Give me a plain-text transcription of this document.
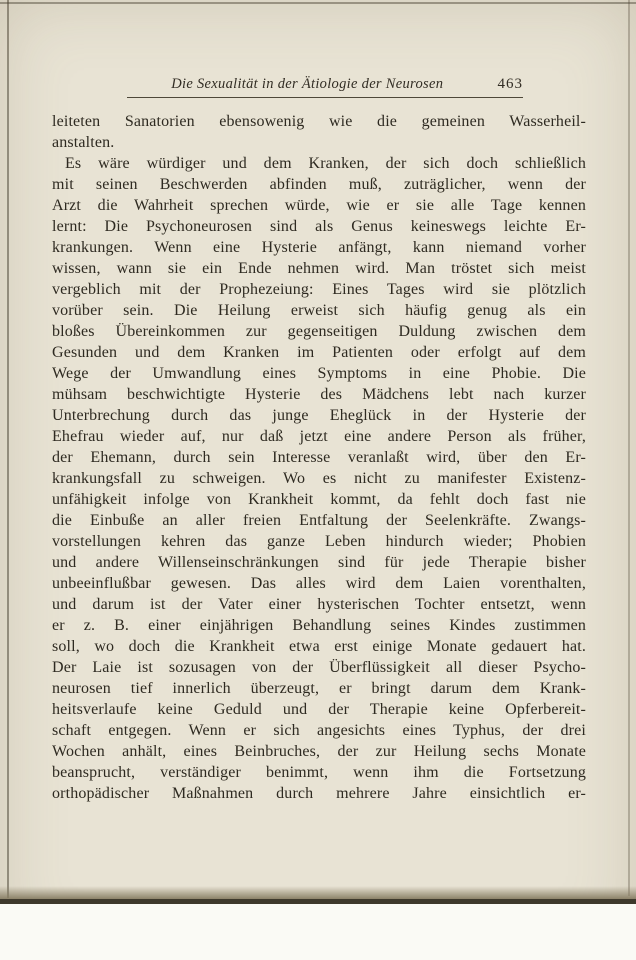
Die Sexualität in der Ätiologie der Neurosen	463
leiteten Sanatorien ebensowenig wie die gemeinen Wasserheil-
anstalten.
Es wäre würdiger und dem Kranken, der sich doch schließlich
mit seinen Beschwerden abfinden muß, zuträglicher, wenn der
Arzt die Wahrheit sprechen würde, wie er sie alle Tage kennen
lernt: Die Psychoneurosen sind als Genus keineswegs leichte Er-
krankungen. Wenn eine Hysterie anfängt, kann niemand vorher
wissen, wann sie ein Ende nehmen wird. Man tröstet sich meist
vergeblich mit der Prophezeiung: Eines Tages wird sie plötzlich
vorüber sein. Die Heilung erweist sich häufig genug als ein
bloßes Übereinkommen zur gegenseitigen Duldung zwischen dem
Gesunden und dem Kranken im Patienten oder erfolgt auf dem
Wege der Umwandlung eines Symptoms in eine Phobie. Die
mühsam beschwichtigte Hysterie des Mädchens lebt nach kurzer
Unterbrechung durch das junge Eheglück in der Hysterie der
Ehefrau wieder auf, nur daß jetzt eine andere Person als früher,
der Ehemann, durch sein Interesse veranlaßt wird, über den Er-
krankungsfall zu schweigen. Wo es nicht zu manifester Existenz-
unfähigkeit infolge von Krankheit kommt, da fehlt doch fast nie
die Einbuße an aller freien Entfaltung der Seelenkräfte. Zwangs-
vorstellungen kehren das ganze Leben hindurch wieder; Phobien
und andere Willenseinschränkungen sind für jede Therapie bisher
unbeeinflußbar gewesen. Das alles wird dem Laien vorenthalten,
und darum ist der Vater einer hysterischen Tochter entsetzt, wenn
er z. B. einer einjährigen Behandlung seines Kindes zustimmen
soll, wo doch die Krankheit etwa erst einige Monate gedauert hat.
Der Laie ist sozusagen von der Überflüssigkeit all dieser Psycho-
neurosen tief innerlich überzeugt, er bringt darum dem Krank-
heitsverlaufe keine Geduld und der Therapie keine Opferbereit-
schaft entgegen. Wenn er sich angesichts eines Typhus, der drei
Wochen anhält, eines Beinbruches, der zur Heilung sechs Monate
beansprucht, verständiger benimmt, wenn ihm die Fortsetzung
orthopädischer Maßnahmen durch mehrere Jahre einsichtlich er-
